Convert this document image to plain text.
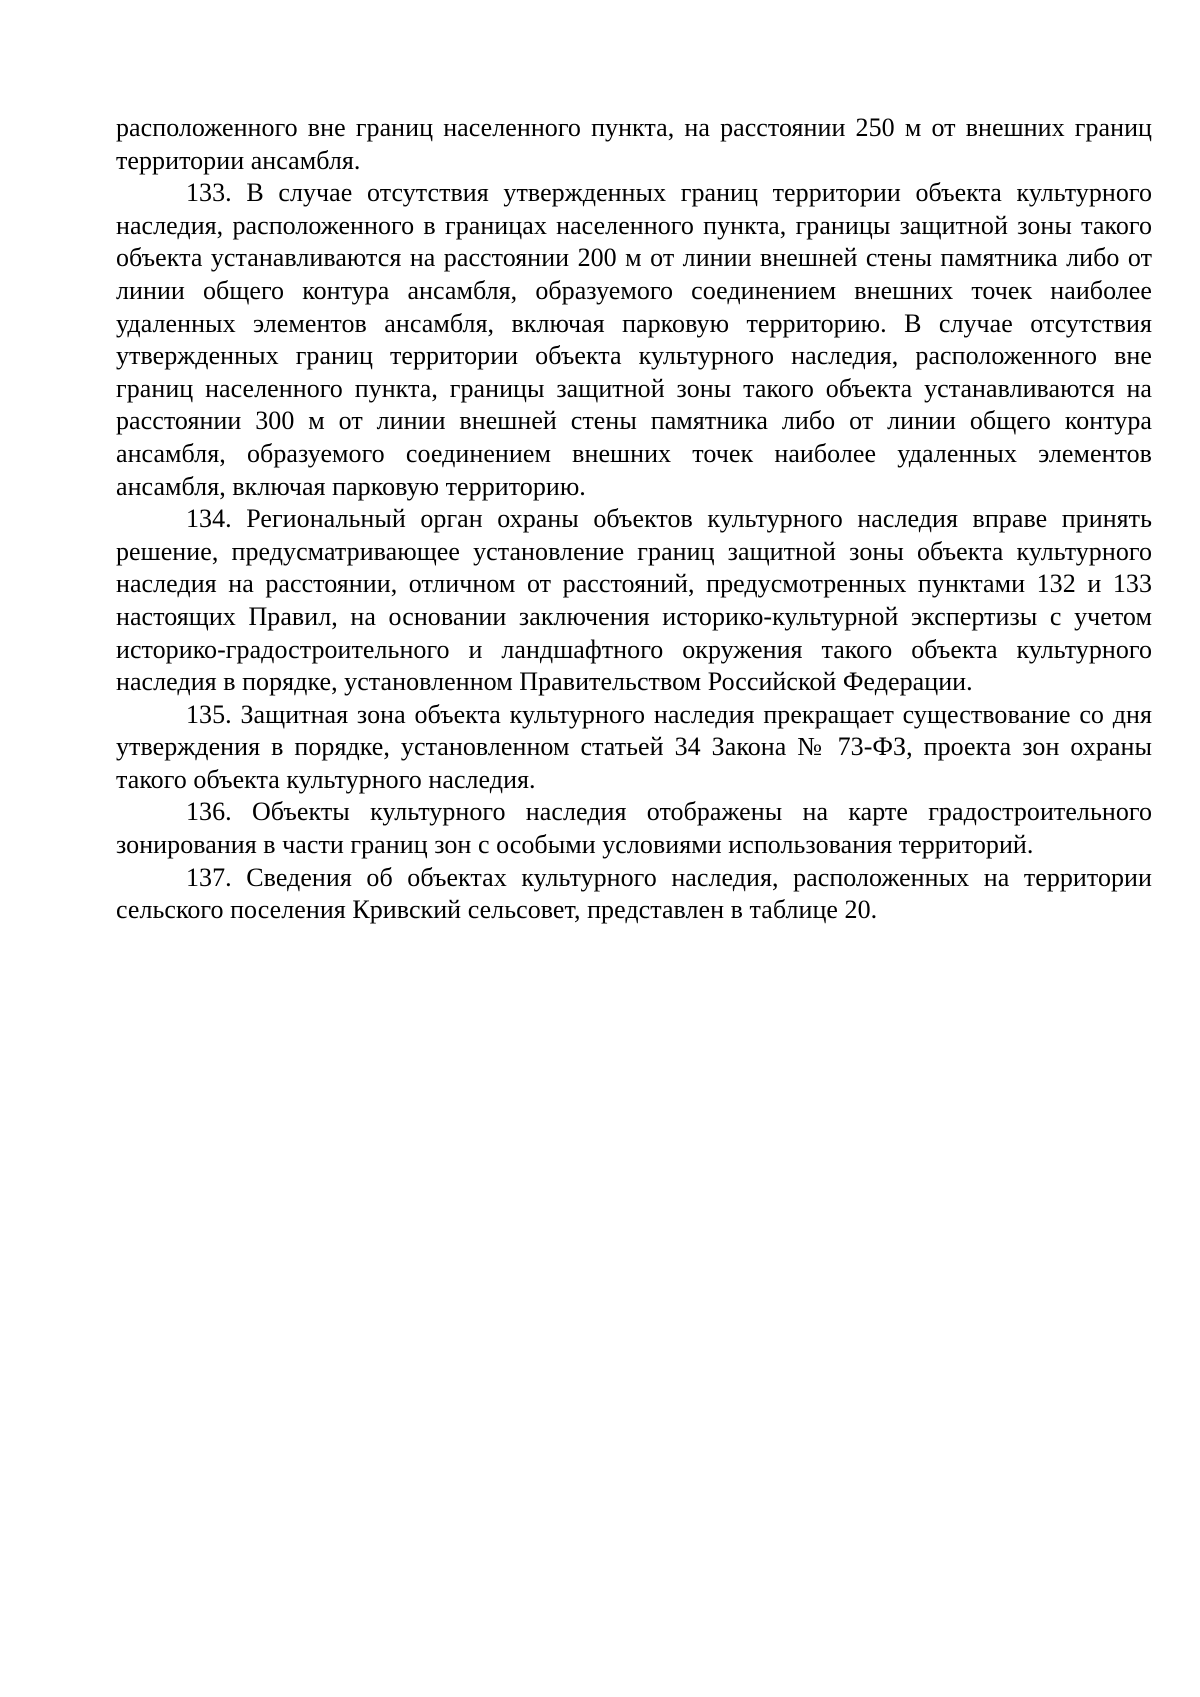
расположенного вне границ населенного пункта, на расстоянии 250 м от внешних границ территории ансамбля.

133. В случае отсутствия утвержденных границ территории объекта культурного наследия, расположенного в границах населенного пункта, границы защитной зоны такого объекта устанавливаются на расстоянии 200 м от линии внешней стены памятника либо от линии общего контура ансамбля, образуемого соединением внешних точек наиболее удаленных элементов ансамбля, включая парковую территорию. В случае отсутствия утвержденных границ территории объекта культурного наследия, расположенного вне границ населенного пункта, границы защитной зоны такого объекта устанавливаются на расстоянии 300 м от линии внешней стены памятника либо от линии общего контура ансамбля, образуемого соединением внешних точек наиболее удаленных элементов ансамбля, включая парковую территорию.

134. Региональный орган охраны объектов культурного наследия вправе принять решение, предусматривающее установление границ защитной зоны объекта культурного наследия на расстоянии, отличном от расстояний, предусмотренных пунктами 132 и 133 настоящих Правил, на основании заключения историко-культурной экспертизы с учетом историко-градостроительного и ландшафтного окружения такого объекта культурного наследия в порядке, установленном Правительством Российской Федерации.

135. Защитная зона объекта культурного наследия прекращает существование со дня утверждения в порядке, установленном статьей 34 Закона № 73-ФЗ, проекта зон охраны такого объекта культурного наследия.

136. Объекты культурного наследия отображены на карте градостроительного зонирования в части границ зон с особыми условиями использования территорий.

137. Сведения об объектах культурного наследия, расположенных на территории сельского поселения Кривский сельсовет, представлен в таблице 20.
